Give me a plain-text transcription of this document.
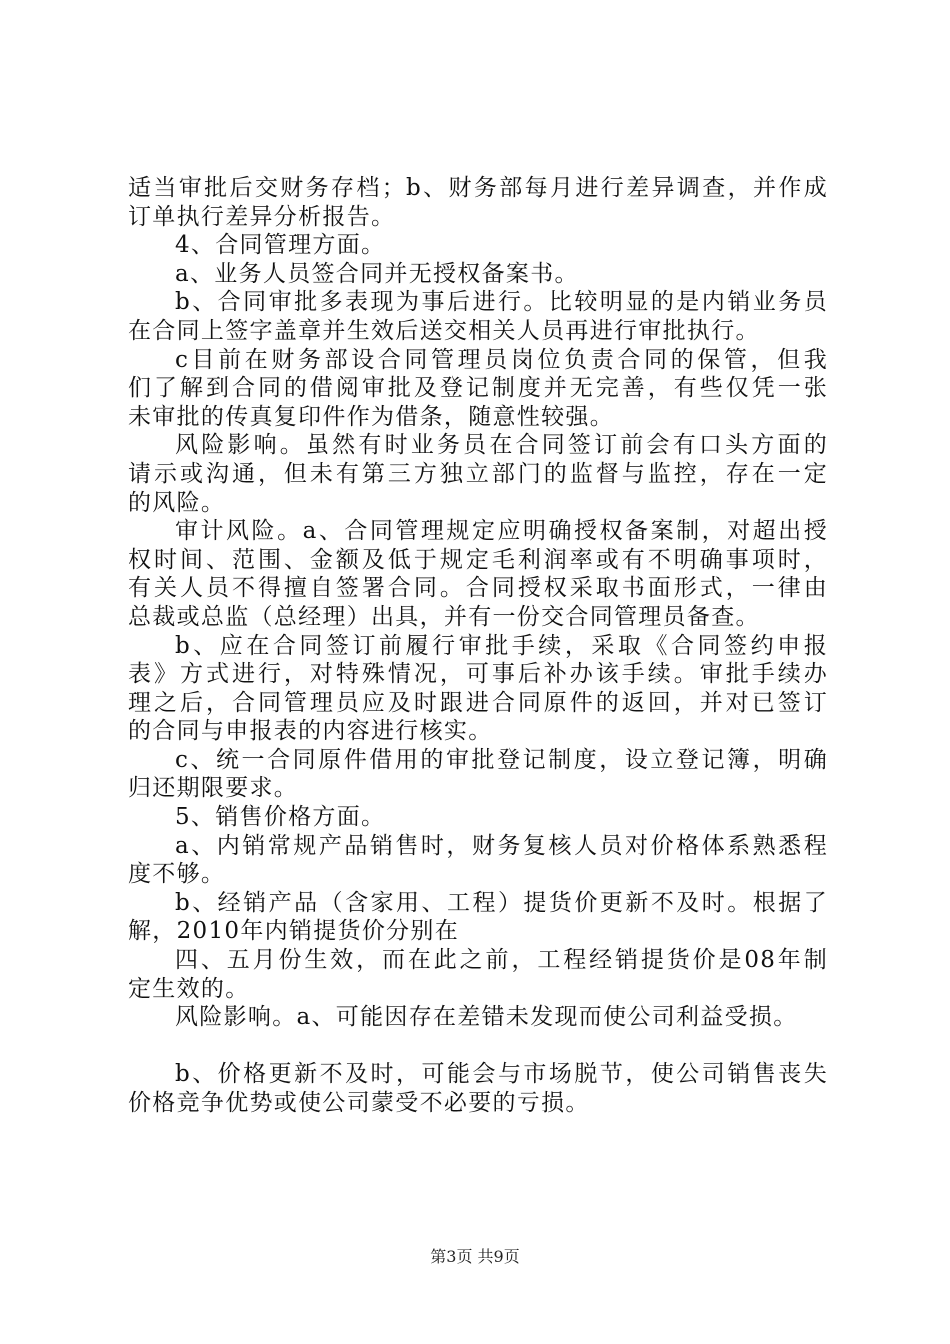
适当审批后交财务存档；b、财务部每月进行差异调查，并作成
订单执行差异分析报告。
4、合同管理方面。
a、业务人员签合同并无授权备案书。
b、合同审批多表现为事后进行。比较明显的是内销业务员
在合同上签字盖章并生效后送交相关人员再进行审批执行。
c目前在财务部设合同管理员岗位负责合同的保管，但我
们了解到合同的借阅审批及登记制度并无完善，有些仅凭一张
未审批的传真复印件作为借条，随意性较强。
风险影响。虽然有时业务员在合同签订前会有口头方面的
请示或沟通，但未有第三方独立部门的监督与监控，存在一定
的风险。
审计风险。a、合同管理规定应明确授权备案制，对超出授
权时间、范围、金额及低于规定毛利润率或有不明确事项时，
有关人员不得擅自签署合同。合同授权采取书面形式，一律由
总裁或总监（总经理）出具，并有一份交合同管理员备查。
b、应在合同签订前履行审批手续，采取《合同签约申报
表》方式进行，对特殊情况，可事后补办该手续。审批手续办
理之后，合同管理员应及时跟进合同原件的返回，并对已签订
的合同与申报表的内容进行核实。
c、统一合同原件借用的审批登记制度，设立登记簿，明确
归还期限要求。
5、销售价格方面。
a、内销常规产品销售时，财务复核人员对价格体系熟悉程
度不够。
b、经销产品（含家用、工程）提货价更新不及时。根据了
解，2010年内销提货价分别在
四、五月份生效，而在此之前，工程经销提货价是08年制
定生效的。
风险影响。a、可能因存在差错未发现而使公司利益受损。
b、价格更新不及时，可能会与市场脱节，使公司销售丧失
价格竞争优势或使公司蒙受不必要的亏损。
第3页 共9页
